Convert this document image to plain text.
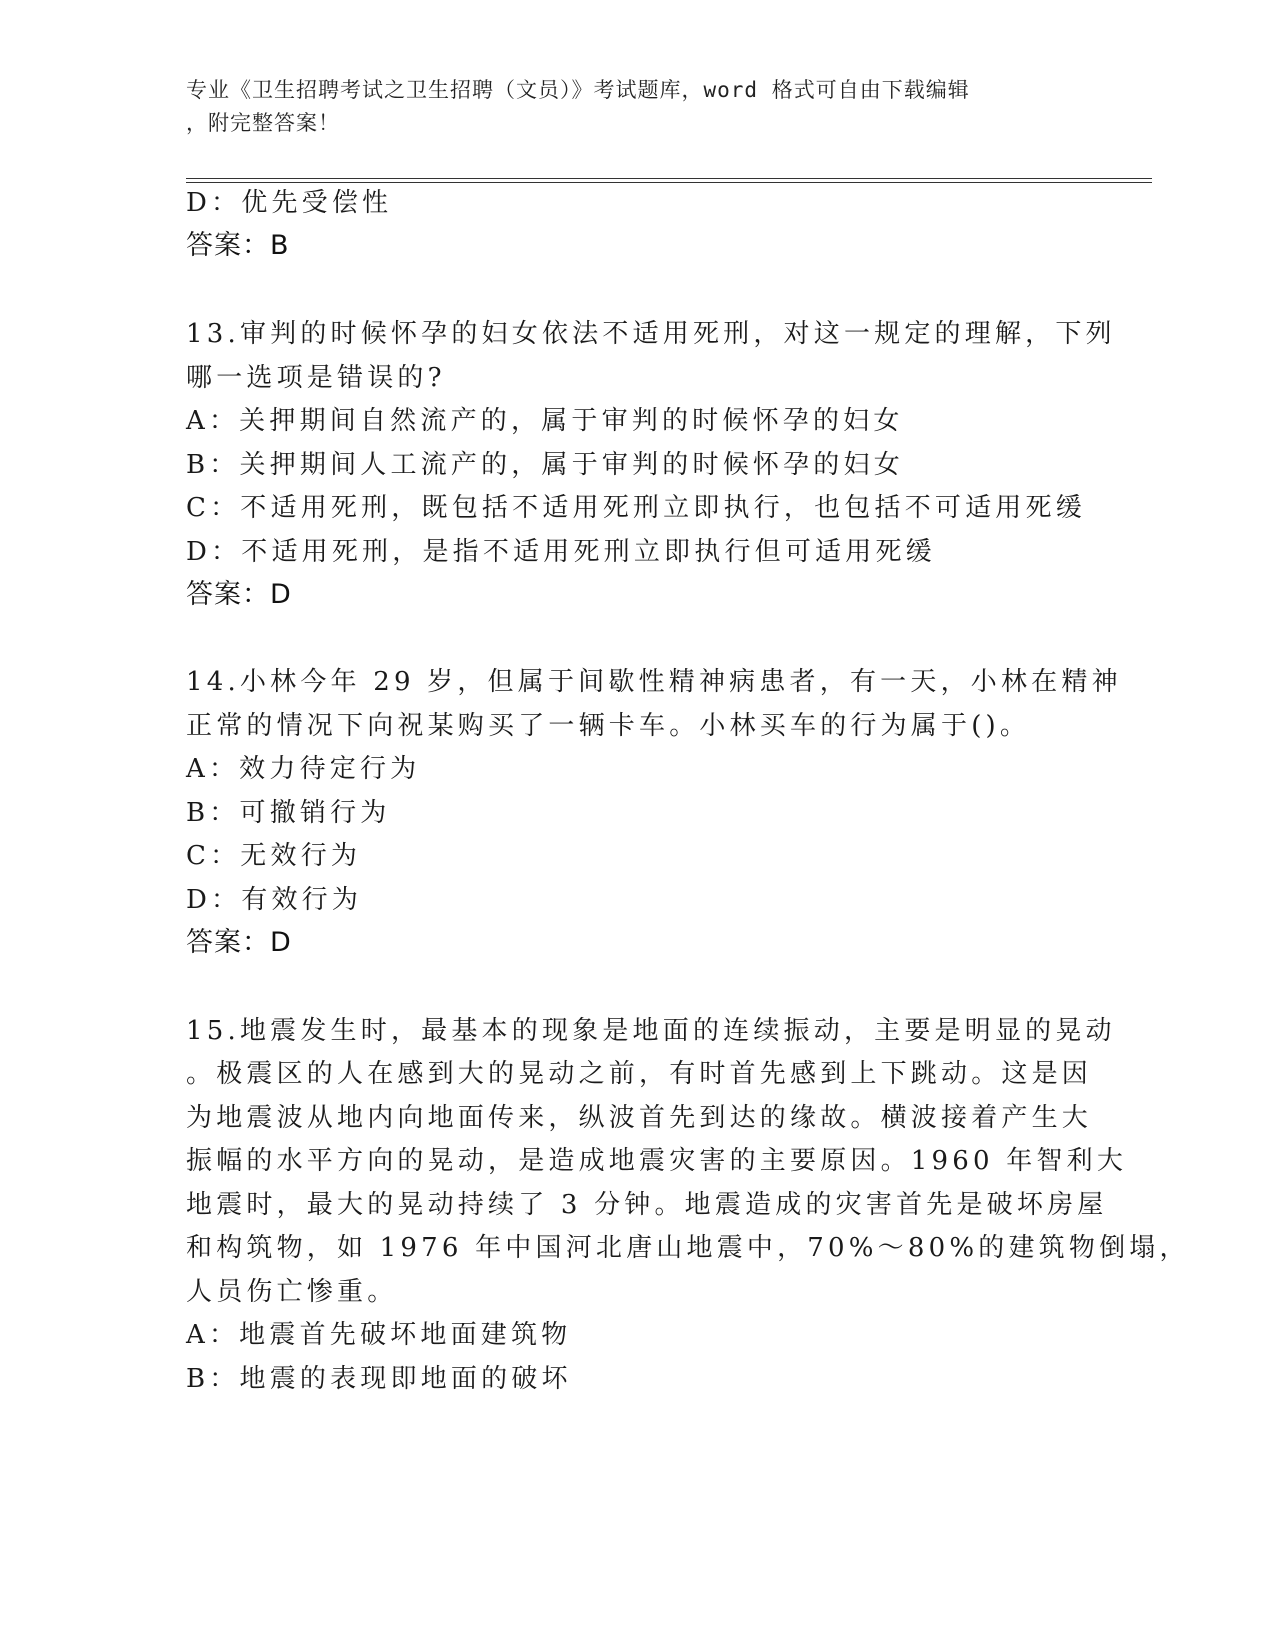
专业《卫生招聘考试之卫生招聘（文员）》考试题库，word 格式可自由下载编辑
，附完整答案！
D：优先受偿性
答案：B
13.审判的时候怀孕的妇女依法不适用死刑，对这一规定的理解，下列
哪一选项是错误的?
A：关押期间自然流产的，属于审判的时候怀孕的妇女
B：关押期间人工流产的，属于审判的时候怀孕的妇女
C：不适用死刑，既包括不适用死刑立即执行，也包括不可适用死缓
D：不适用死刑，是指不适用死刑立即执行但可适用死缓
答案：D
14.小林今年 29 岁，但属于间歇性精神病患者，有一天，小林在精神
正常的情况下向祝某购买了一辆卡车。小林买车的行为属于()。
A：效力待定行为
B：可撤销行为
C：无效行为
D：有效行为
答案：D
15.地震发生时，最基本的现象是地面的连续振动，主要是明显的晃动
。极震区的人在感到大的晃动之前，有时首先感到上下跳动。这是因
为地震波从地内向地面传来，纵波首先到达的缘故。横波接着产生大
振幅的水平方向的晃动，是造成地震灾害的主要原因。1960 年智利大
地震时，最大的晃动持续了 3 分钟。地震造成的灾害首先是破坏房屋
和构筑物，如 1976 年中国河北唐山地震中，70%～80%的建筑物倒塌，
人员伤亡惨重。
A：地震首先破坏地面建筑物
B：地震的表现即地面的破坏
